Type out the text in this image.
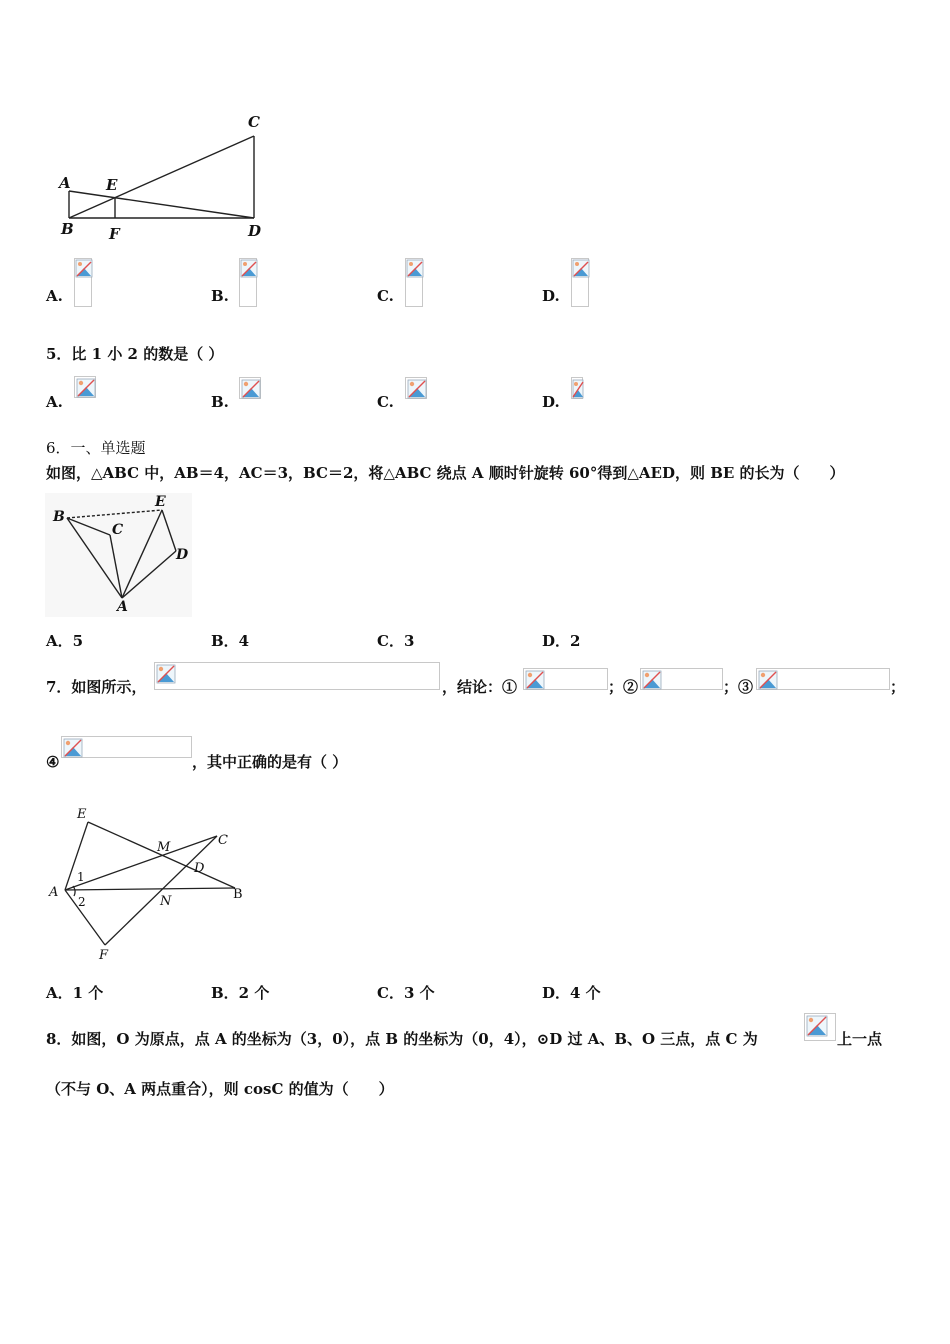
C
A E
B F	D
A.	B.	C.	D.
5．比 1 小 2 的数是（ ）
A.	B.	C.	D.
6．一、单选题
如图，△ABC 中，AB＝4，AC＝3，BC＝2，将△ABC 绕点 A 顺时针旋转 60°得到△AED，则 BE 的长为（　　）
B
C
E
D
A
A．5	B．4	C．3	D．2
7．如图所示，	，结论：①	；②	；③	；
④	，其中正确的是有（ ）
E
M	C
D
A	B
N
F
1
2
A．1 个	B．2 个	C．3 个	D．4 个
8．如图，O 为原点，点 A 的坐标为（3，0），点 B 的坐标为（0，4），⊙D 过 A、B、O 三点，点 C 为	上一点
（不与 O、A 两点重合），则 cosC 的值为（　　）
